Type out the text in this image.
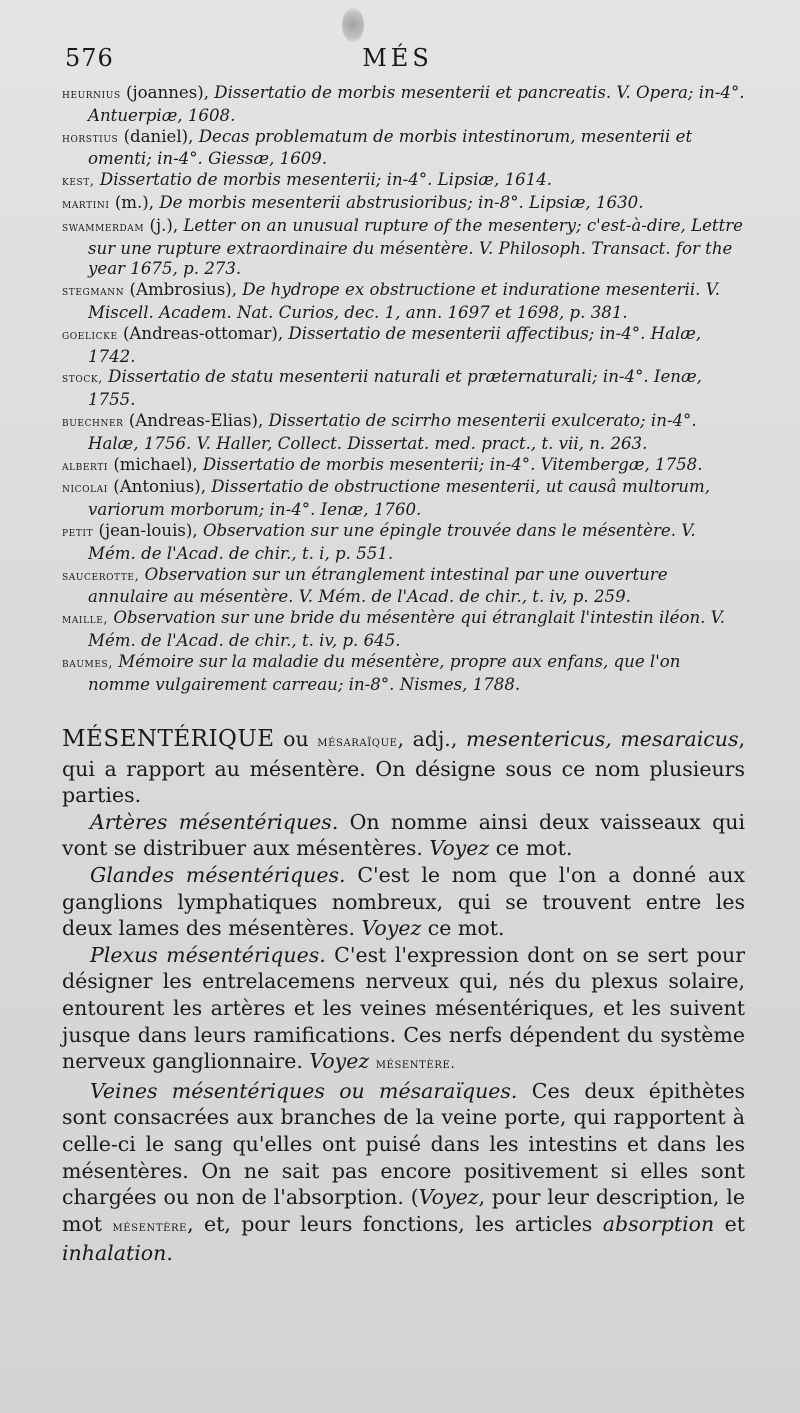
576	MÉS

heurnius (joannes), Dissertatio de morbis mesenterii et pancreatis. V. Opera; in-4°. Antuerpiæ, 1608.

horstius (daniel), Decas problematum de morbis intestinorum, mesenterii et omenti; in-4°. Giessæ, 1609.

kest, Dissertatio de morbis mesenterii; in-4°. Lipsiæ, 1614.

martini (m.), De morbis mesenterii abstrusioribus; in-8°. Lipsiæ, 1630.

swammerdam (j.), Letter on an unusual rupture of the mesentery; c'est-à-dire, Lettre sur une rupture extraordinaire du mésentère. V. Philosoph. Transact. for the year 1675, p. 273.

stegmann (Ambrosius), De hydrope ex obstructione et induratione mesenterii. V. Miscell. Academ. Nat. Curios, dec. 1, ann. 1697 et 1698, p. 381.

goelicke (Andreas-ottomar), Dissertatio de mesenterii affectibus; in-4°. Halæ, 1742.

stock, Dissertatio de statu mesenterii naturali et præternaturali; in-4°. Ienæ, 1755.

buechner (Andreas-Elias), Dissertatio de scirrho mesenterii exulcerato; in-4°. Halæ, 1756. V. Haller, Collect. Dissertat. med. pract., t. vii, n. 263.

alberti (michael), Dissertatio de morbis mesenterii; in-4°. Vitembergæ, 1758.

nicolai (Antonius), Dissertatio de obstructione mesenterii, ut causâ multorum, variorum morborum; in-4°. Ienæ, 1760.

petit (jean-louis), Observation sur une épingle trouvée dans le mésentère. V. Mém. de l'Acad. de chir., t. i, p. 551.

saucerotte, Observation sur un étranglement intestinal par une ouverture annulaire au mésentère. V. Mém. de l'Acad. de chir., t. iv, p. 259.

maille, Observation sur une bride du mésentère qui étranglait l'intestin iléon. V. Mém. de l'Acad. de chir., t. iv, p. 645.

baumes, Mémoire sur la maladie du mésentère, propre aux enfans, que l'on nomme vulgairement carreau; in-8°. Nismes, 1788.

MÉSENTÉRIQUE ou mésaraïque, adj., mesentericus, mesaraicus, qui a rapport au mésentère. On désigne sous ce nom plusieurs parties.

Artères mésentériques. On nomme ainsi deux vaisseaux qui vont se distribuer aux mésentères. Voyez ce mot.

Glandes mésentériques. C'est le nom que l'on a donné aux ganglions lymphatiques nombreux, qui se trouvent entre les deux lames des mésentères. Voyez ce mot.

Plexus mésentériques. C'est l'expression dont on se sert pour désigner les entrelacemens nerveux qui, nés du plexus solaire, entourent les artères et les veines mésentériques, et les suivent jusque dans leurs ramifications. Ces nerfs dépendent du système nerveux ganglionnaire. Voyez mésentère.

Veines mésentériques ou mésaraïques. Ces deux épithètes sont consacrées aux branches de la veine porte, qui rapportent à celle-ci le sang qu'elles ont puisé dans les intestins et dans les mésentères. On ne sait pas encore positivement si elles sont chargées ou non de l'absorption. (Voyez, pour leur description, le mot mésentère, et, pour leurs fonctions, les articles absorption et inhalation.
